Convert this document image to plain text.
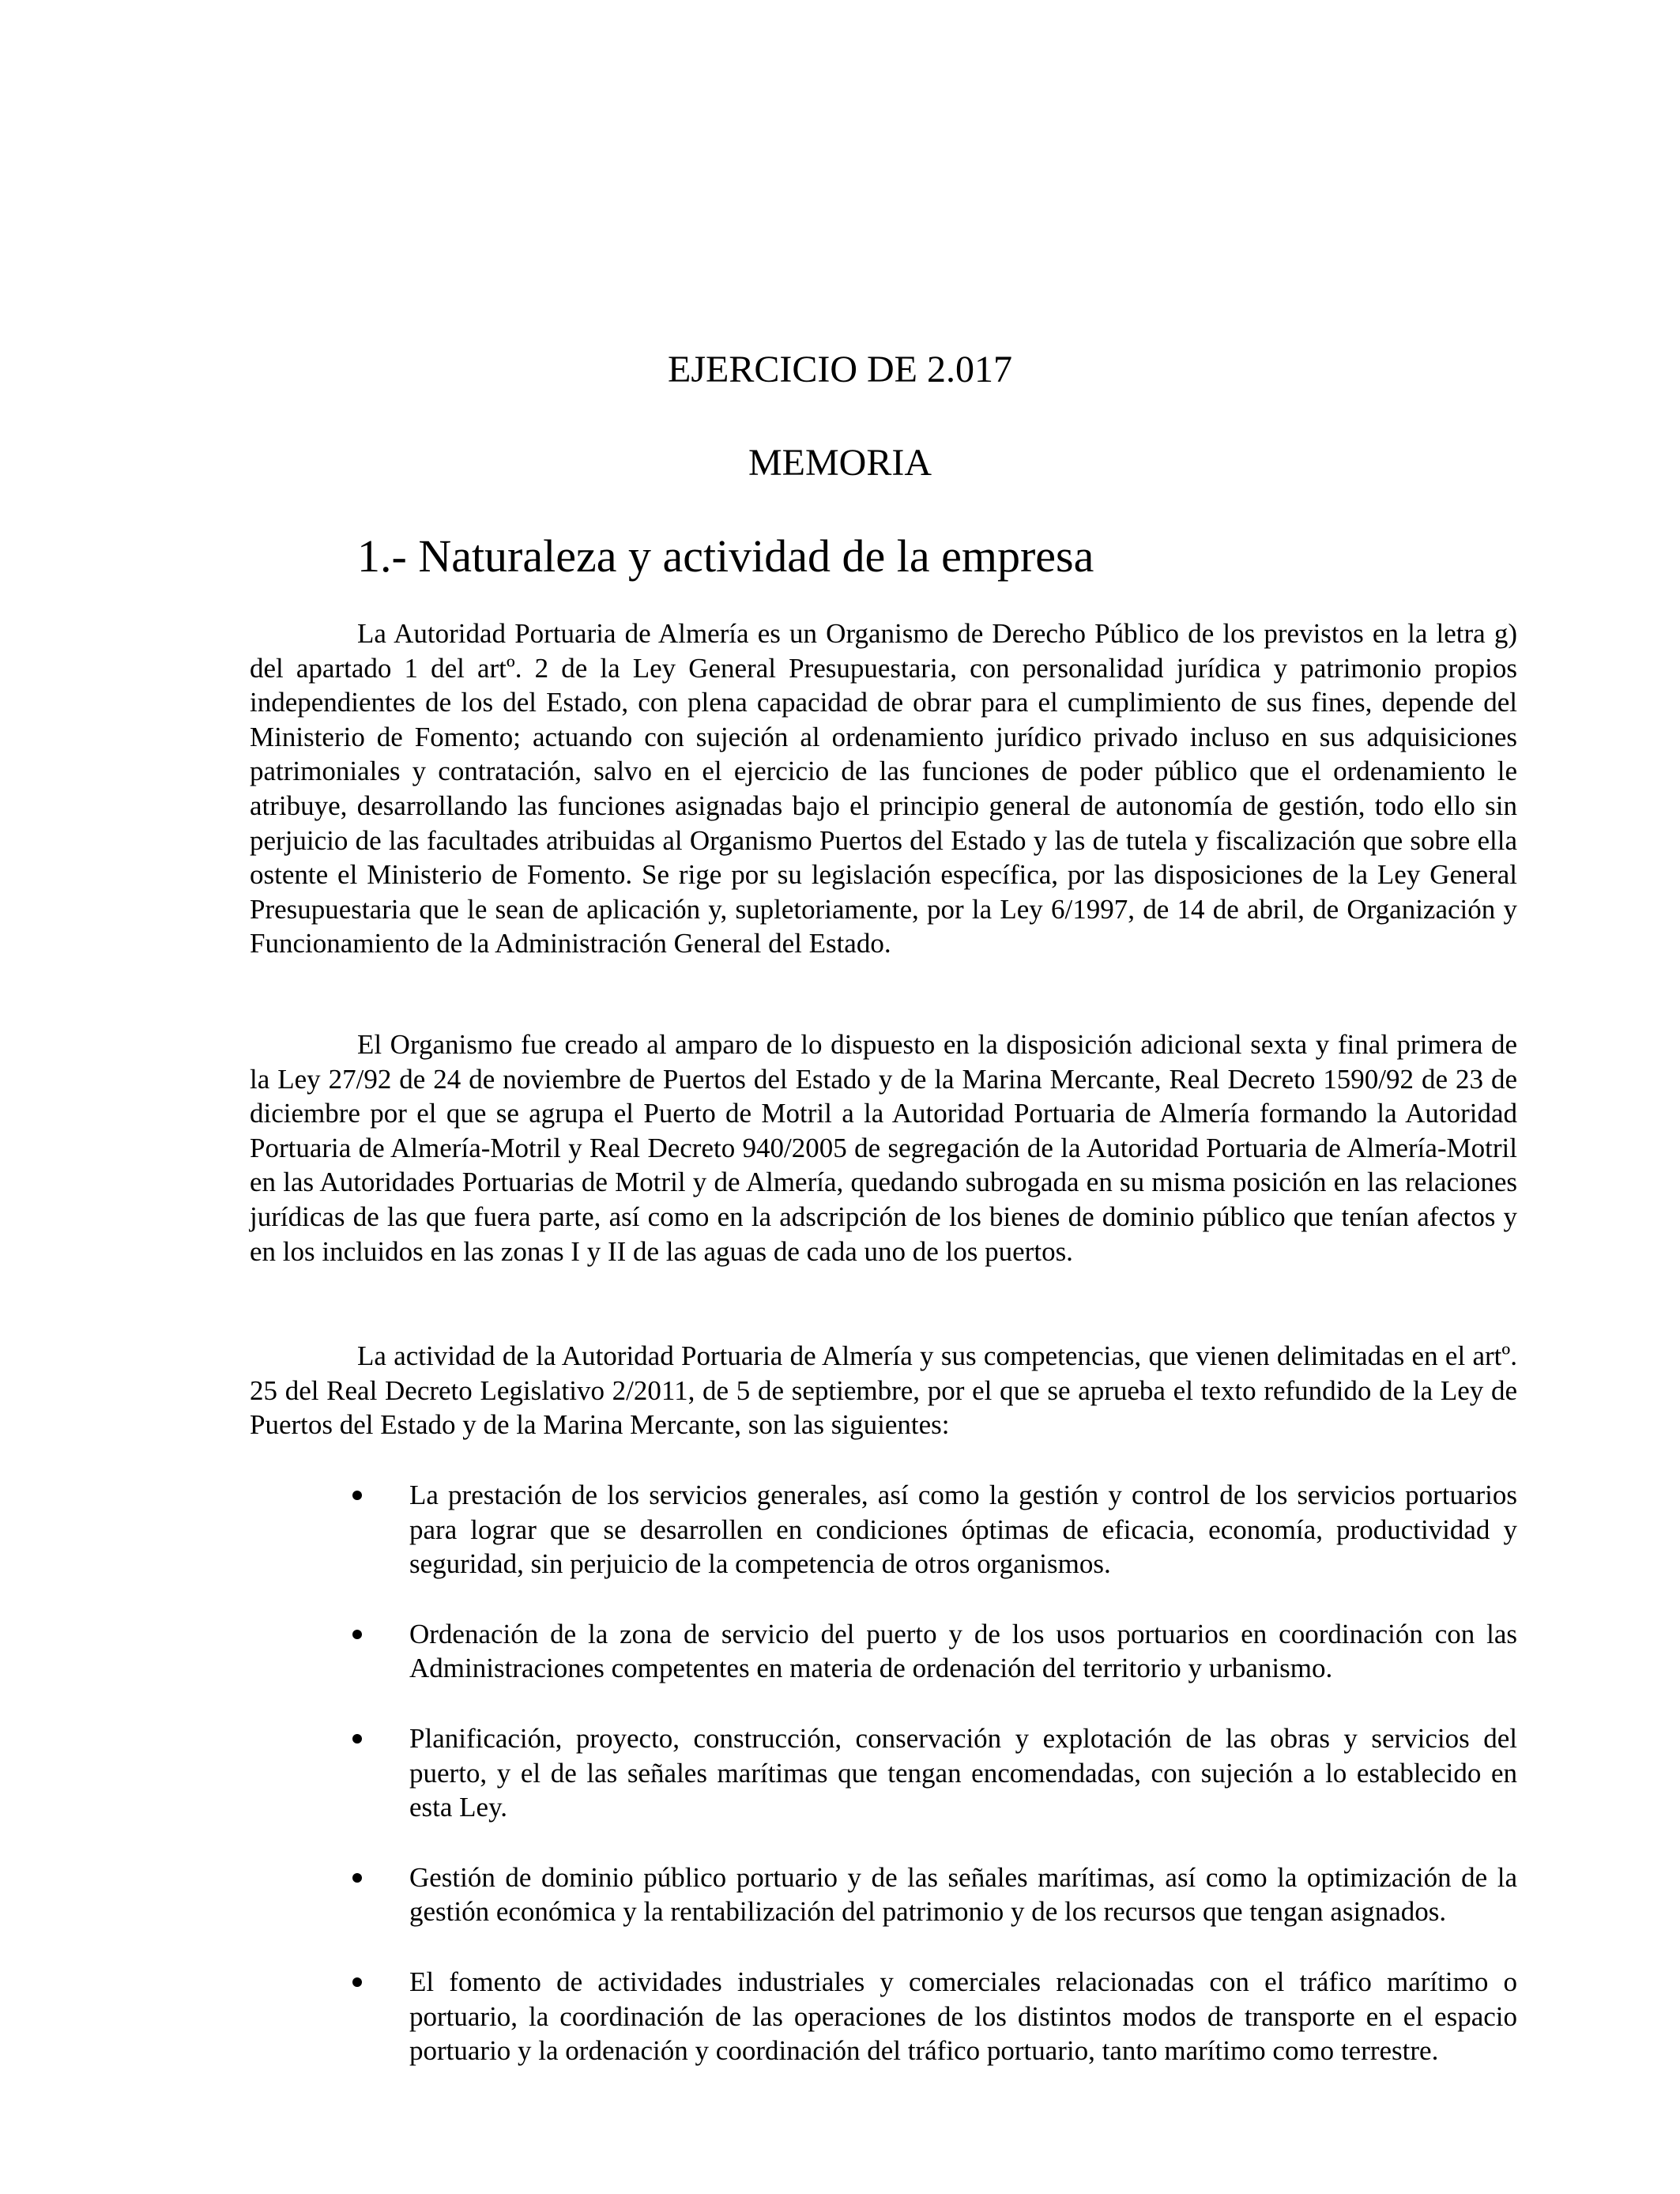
EJERCICIO DE 2.017
MEMORIA
1.- Naturaleza y actividad de la empresa

La Autoridad Portuaria de Almería es un Organismo de Derecho Público de los previstos en la letra g) del apartado 1 del artº. 2 de la Ley General Presupuestaria, con personalidad jurídica y patrimonio propios independientes de los del Estado, con plena capacidad de obrar para el cumplimiento de sus fines, depende del Ministerio de Fomento; actuando con sujeción al ordenamiento jurídico privado incluso en sus adquisiciones patrimoniales y contratación, salvo en el ejercicio de las funciones de poder público que el ordenamiento le atribuye, desarrollando las funciones asignadas bajo el principio general de autonomía de gestión, todo ello sin perjuicio de las facultades atribuidas al Organismo Puertos del Estado y las de tutela y fiscalización que sobre ella ostente el Ministerio de Fomento. Se rige por su legislación específica, por las disposiciones de la Ley General Presupuestaria que le sean de aplicación y, supletoriamente, por la Ley 6/1997, de 14 de abril, de Organización y Funcionamiento de la Administración General del Estado.

El Organismo fue creado al amparo de lo dispuesto en la disposición adicional sexta y final primera de la Ley 27/92 de 24 de noviembre de Puertos del Estado y de la Marina Mercante, Real Decreto 1590/92 de 23 de diciembre por el que se agrupa el Puerto de Motril a la Autoridad Portuaria de Almería formando la Autoridad Portuaria de Almería-Motril y Real Decreto 940/2005 de segregación de la Autoridad Portuaria de Almería-Motril en las Autoridades Portuarias de Motril y de Almería, quedando subrogada en su misma posición en las relaciones jurídicas de las que fuera parte, así como en la adscripción de los bienes de dominio público que tenían afectos y en los incluidos en las zonas I y II de las aguas de cada uno de los puertos.

La actividad de la Autoridad Portuaria de Almería y sus competencias, que vienen delimitadas en el artº. 25 del Real Decreto Legislativo 2/2011, de 5 de septiembre, por el que se aprueba el texto refundido de la Ley de Puertos del Estado y de la Marina Mercante, son las siguientes:

La prestación de los servicios generales, así como la gestión y control de los servicios portuarios para lograr que se desarrollen en condiciones óptimas de eficacia, economía, productividad y seguridad, sin perjuicio de la competencia de otros organismos.
Ordenación de la zona de servicio del puerto y de los usos portuarios en coordinación con las Administraciones competentes en materia de ordenación del territorio y urbanismo.
Planificación, proyecto, construcción, conservación y explotación de las obras y servicios del puerto, y el de las señales marítimas que tengan encomendadas, con sujeción a lo establecido en esta Ley.
Gestión de dominio público portuario y de las señales marítimas, así como la optimización de la gestión económica y la rentabilización del patrimonio y de los recursos que tengan asignados.
El fomento de actividades industriales y comerciales relacionadas con el tráfico marítimo o portuario, la coordinación de las operaciones de los distintos modos de transporte en el espacio portuario y la ordenación y coordinación del tráfico portuario, tanto marítimo como terrestre.
